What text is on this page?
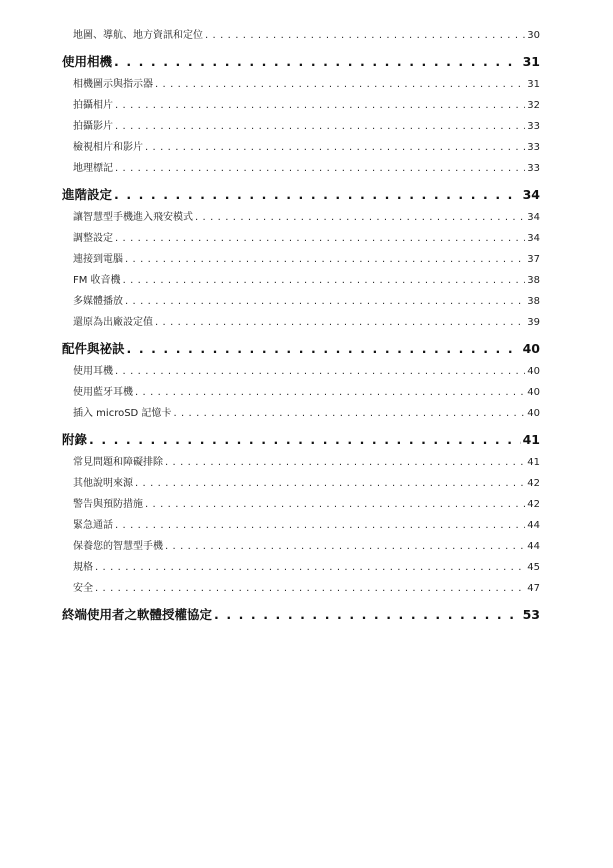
地圖、導航、地方資訊和定位 . . .	30
使用相機 . . .	31
相機圖示與指示器 . . .	31
拍攝相片 . . .	32
拍攝影片 . . .	33
檢視相片和影片 . . .	33
地理標記 . . .	33
進階設定 . . .	34
讓智慧型手機進入飛安模式 . . .	34
調整設定 . . .	34
連接到電腦 . . .	37
FM 收音機 . . .	38
多媒體播放 . . .	38
還原為出廠設定值 . . .	39
配件與祕訣 . . .	40
使用耳機 . . .	40
使用藍牙耳機 . . .	40
插入 microSD 記憶卡 . . .	40
附錄 . . .	41
常見問題和障礙排除 . . .	41
其他說明來源 . . .	42
警告與預防措施 . . .	42
緊急通話 . . .	44
保養您的智慧型手機 . . .	44
規格 . . .	45
安全 . . .	47
終端使用者之軟體授權協定 . . .	53
